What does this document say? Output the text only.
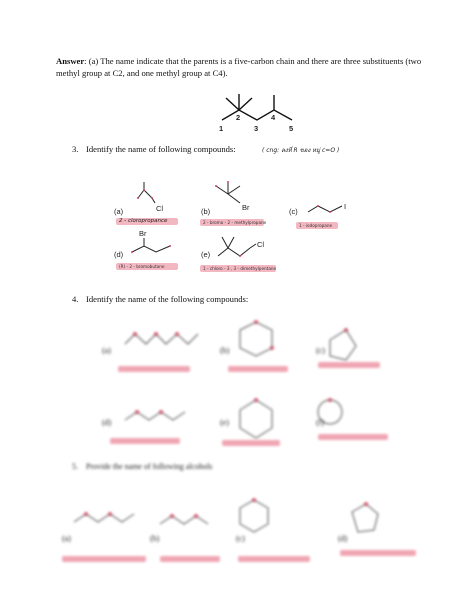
Answer: (a) The name indicate that the parents is a five-carbon chain and there are three substituents (two methyl group at C2, and one methyl group at C4).
1
2
3
4
5
3. Identify the name of following compounds:	( cng: ลงที่ R ของ หมู่ c=O )
(a)	Cl
2 - cloropropance
(b)	Br
2 - bromo - 2 - methylpropane
(c)
I
1 - iodopropane
(d)
Br
(R) - 2 - bromobutane
(e)
Cl
1 - chloro - 3 , 3 - dimethylpentane
4. Identify the name of the following compounds:
(a)	(b)	(c)
(d)	(e)	(f)
5. Provide the name of following alcohols
(a)	(b)	(c)	(d)
